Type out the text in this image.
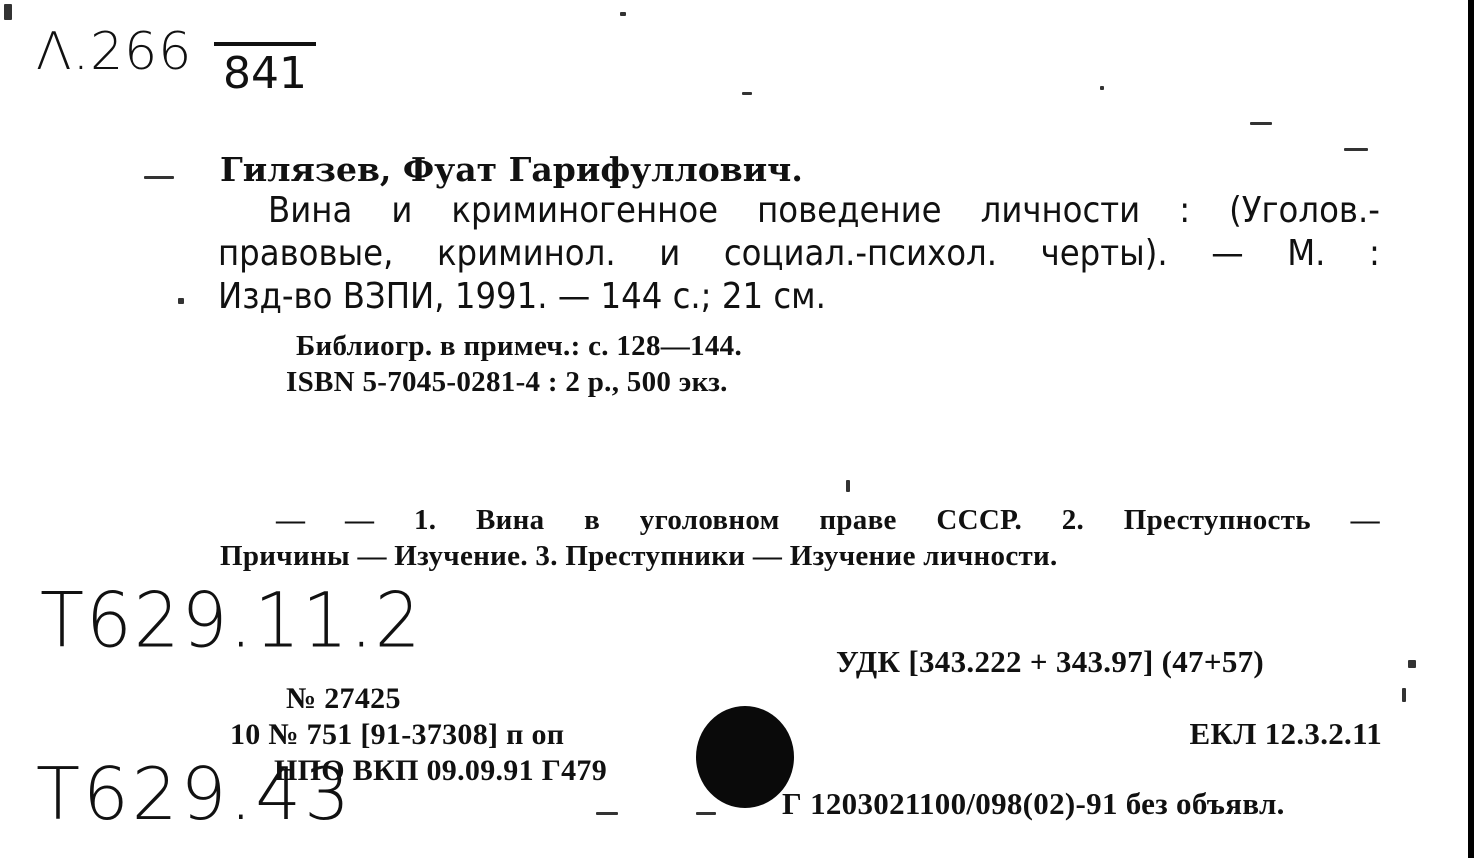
Λ.266 841
T629.11.2
T629.43
Гилязев, Фуат Гарифуллович.
Вина и криминогенное поведение личности : (Уголов.-
правовые, криминол. и социал.-психол. черты). — М. :
Изд-во ВЗПИ, 1991. — 144 с.; 21 см.
Библиогр. в примеч.: с. 128—144.
ISBN 5-7045-0281-4 : 2 р., 500 экз.
— — 1. Вина в уголовном праве СССР. 2. Преступность —
Причины — Изучение. 3. Преступники — Изучение личности.
УДК [343.222 + 343.97] (47+57)
ЕКЛ 12.3.2.11
Г 1203021100/098(02)-91 без объявл.
№ 27425
10 № 751 [91-37308] п оп
НПО ВКП 09.09.91 Г479
